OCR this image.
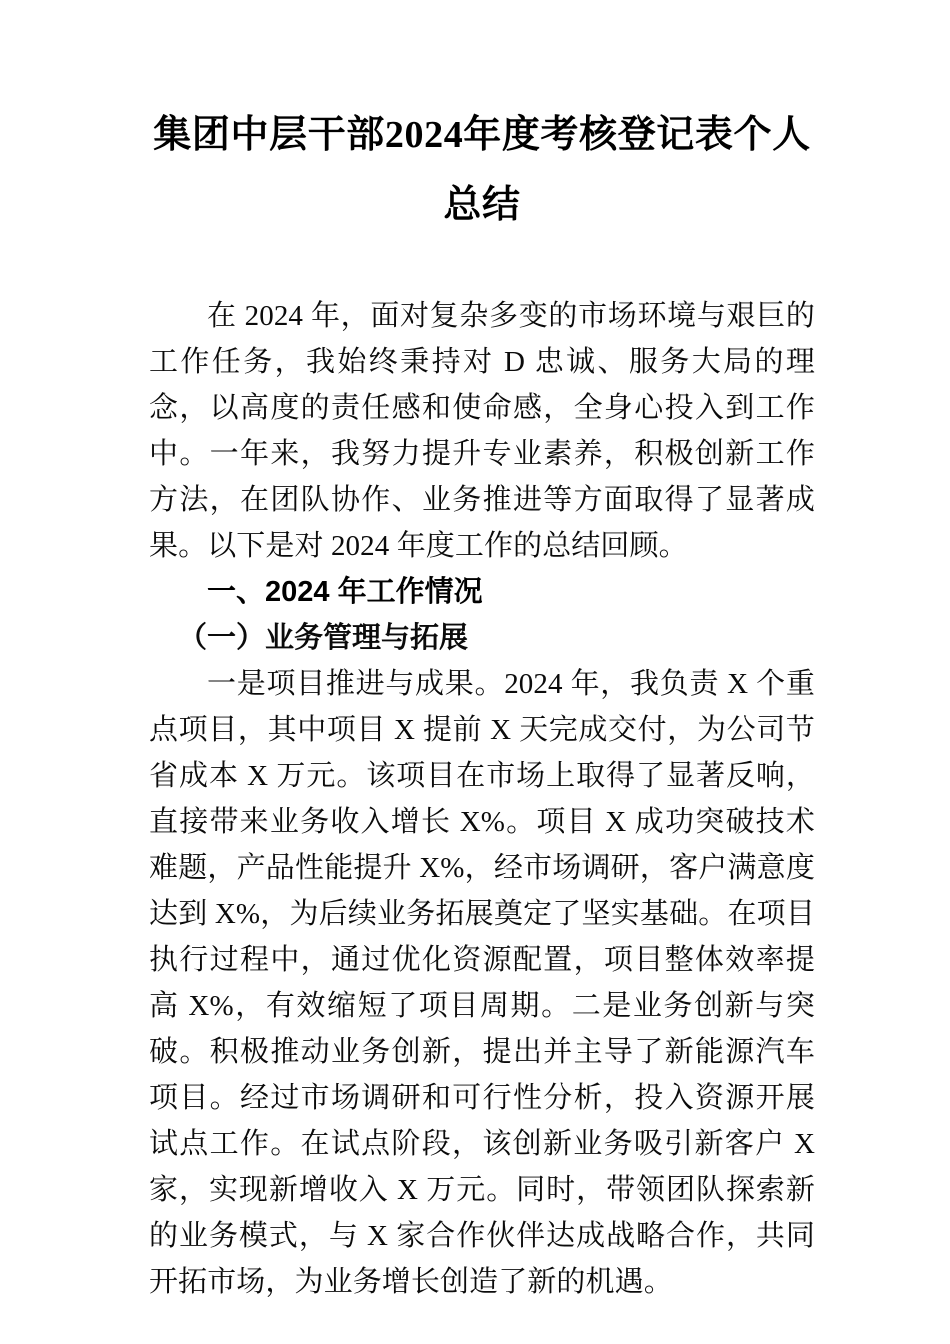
集团中层干部2024年度考核登记表个人总结

在 2024 年，面对复杂多变的市场环境与艰巨的工作任务，我始终秉持对 D 忠诚、服务大局的理念，以高度的责任感和使命感，全身心投入到工作中。一年来，我努力提升专业素养，积极创新工作方法，在团队协作、业务推进等方面取得了显著成果。以下是对 2024 年度工作的总结回顾。

一、2024 年工作情况
（一）业务管理与拓展

一是项目推进与成果。2024 年，我负责 X 个重点项目，其中项目 X 提前 X 天完成交付，为公司节省成本 X 万元。该项目在市场上取得了显著反响，直接带来业务收入增长 X%。项目 X 成功突破技术难题，产品性能提升 X%，经市场调研，客户满意度达到 X%，为后续业务拓展奠定了坚实基础。在项目执行过程中，通过优化资源配置，项目整体效率提高 X%，有效缩短了项目周期。二是业务创新与突破。积极推动业务创新，提出并主导了新能源汽车项目。经过市场调研和可行性分析，投入资源开展试点工作。在试点阶段，该创新业务吸引新客户 X 家，实现新增收入 X 万元。同时，带领团队探索新的业务模式，与 X 家合作伙伴达成战略合作，共同开拓市场，为业务增长创造了新的机遇。
